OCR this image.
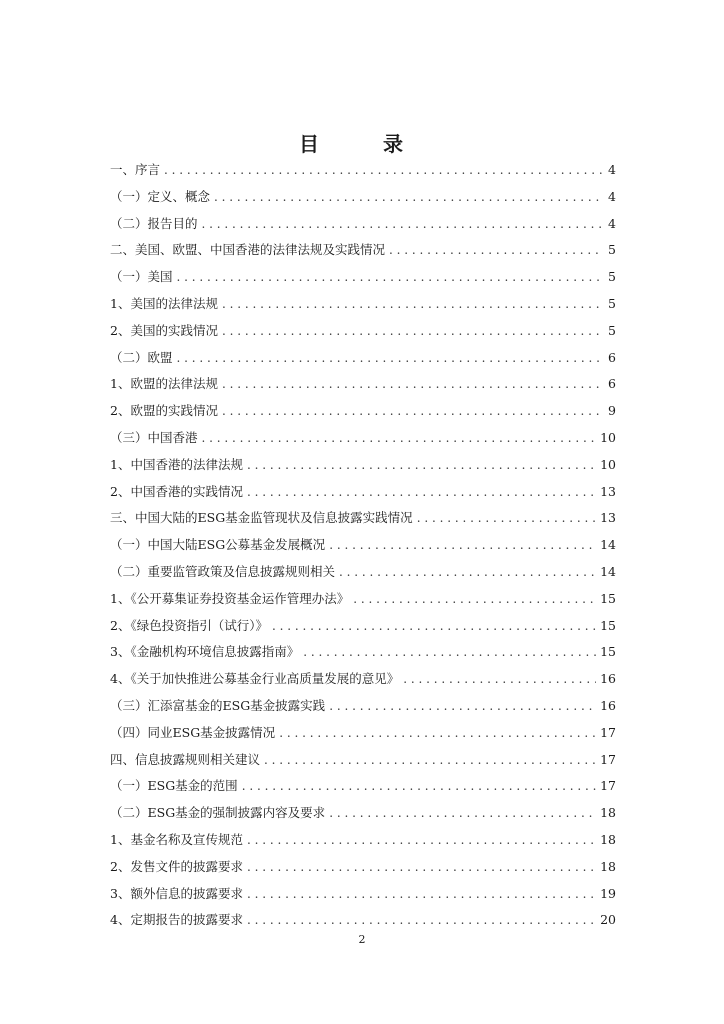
目　录
一、序言 . . .	4
（一）定义、概念 . . .	4
（二）报告目的 . . .	4
二、美国、欧盟、中国香港的法律法规及实践情况 . . .	5
（一）美国 . . .	5
1、美国的法律法规 . . .	5
2、美国的实践情况 . . .	5
（二）欧盟 . . .	6
1、欧盟的法律法规 . . .	6
2、欧盟的实践情况 . . .	9
（三）中国香港 . . .	10
1、中国香港的法律法规 . . .	10
2、中国香港的实践情况 . . .	13
三、中国大陆的ESG基金监管现状及信息披露实践情况 . . .	13
（一）中国大陆ESG公募基金发展概况 . . .	14
（二）重要监管政策及信息披露规则相关 . . .	14
1、《公开募集证券投资基金运作管理办法》 . . .	15
2、《绿色投资指引（试行）》 . . .	15
3、《金融机构环境信息披露指南》 . . .	15
4、《关于加快推进公募基金行业高质量发展的意见》 . . .	16
（三）汇添富基金的ESG基金披露实践 . . .	16
（四）同业ESG基金披露情况 . . .	17
四、信息披露规则相关建议 . . .	17
（一）ESG基金的范围 . . .	17
（二）ESG基金的强制披露内容及要求 . . .	18
1、基金名称及宣传规范 . . .	18
2、发售文件的披露要求 . . .	18
3、额外信息的披露要求 . . .	19
4、定期报告的披露要求 . . .	20
2
